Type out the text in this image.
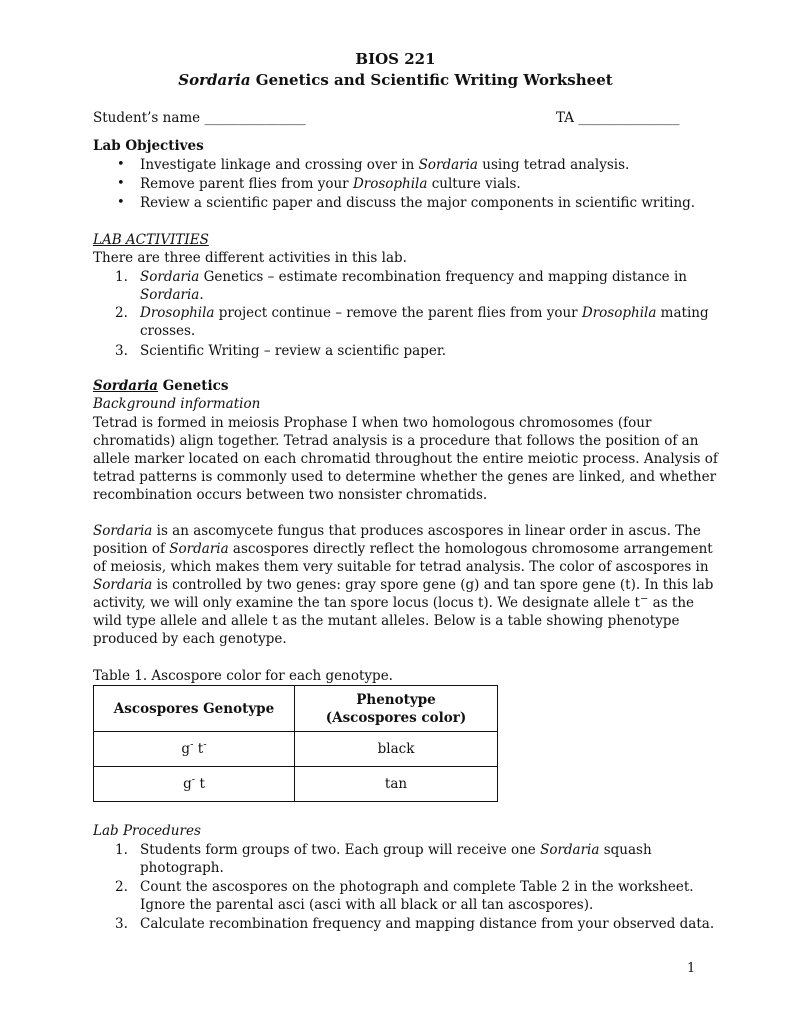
BIOS 221
Sordaria Genetics and Scientific Writing Worksheet
Student’s name _______________	TA _______________
Lab Objectives
• Investigate linkage and crossing over in Sordaria using tetrad analysis.
• Remove parent flies from your Drosophila culture vials.
• Review a scientific paper and discuss the major components in scientific writing.
LAB ACTIVITIES
There are three different activities in this lab.
1. Sordaria Genetics – estimate recombination frequency and mapping distance in
Sordaria.
2. Drosophila project continue – remove the parent flies from your Drosophila mating
crosses.
3. Scientific Writing – review a scientific paper.
Sordaria Genetics
Background information
Tetrad is formed in meiosis Prophase I when two homologous chromosomes (four
chromatids) align together. Tetrad analysis is a procedure that follows the position of an
allele marker located on each chromatid throughout the entire meiotic process. Analysis of
tetrad patterns is commonly used to determine whether the genes are linked, and whether
recombination occurs between two nonsister chromatids.
Sordaria is an ascomycete fungus that produces ascospores in linear order in ascus. The
position of Sordaria ascospores directly reflect the homologous chromosome arrangement
of meiosis, which makes them very suitable for tetrad analysis. The color of ascospores in
Sordaria is controlled by two genes: gray spore gene (g) and tan spore gene (t). In this lab
activity, we will only examine the tan spore locus (locus t). We designate allele t− as the
wild type allele and allele t as the mutant alleles. Below is a table showing phenotype
produced by each genotype.
Table 1. Ascospore color for each genotype.
Ascospores Genotype	Phenotype
(Ascospores color)
g- t-	black
g- t	tan
Lab Procedures
1. Students form groups of two. Each group will receive one Sordaria squash
photograph.
2. Count the ascospores on the photograph and complete Table 2 in the worksheet.
Ignore the parental asci (asci with all black or all tan ascospores).
3. Calculate recombination frequency and mapping distance from your observed data.
1
